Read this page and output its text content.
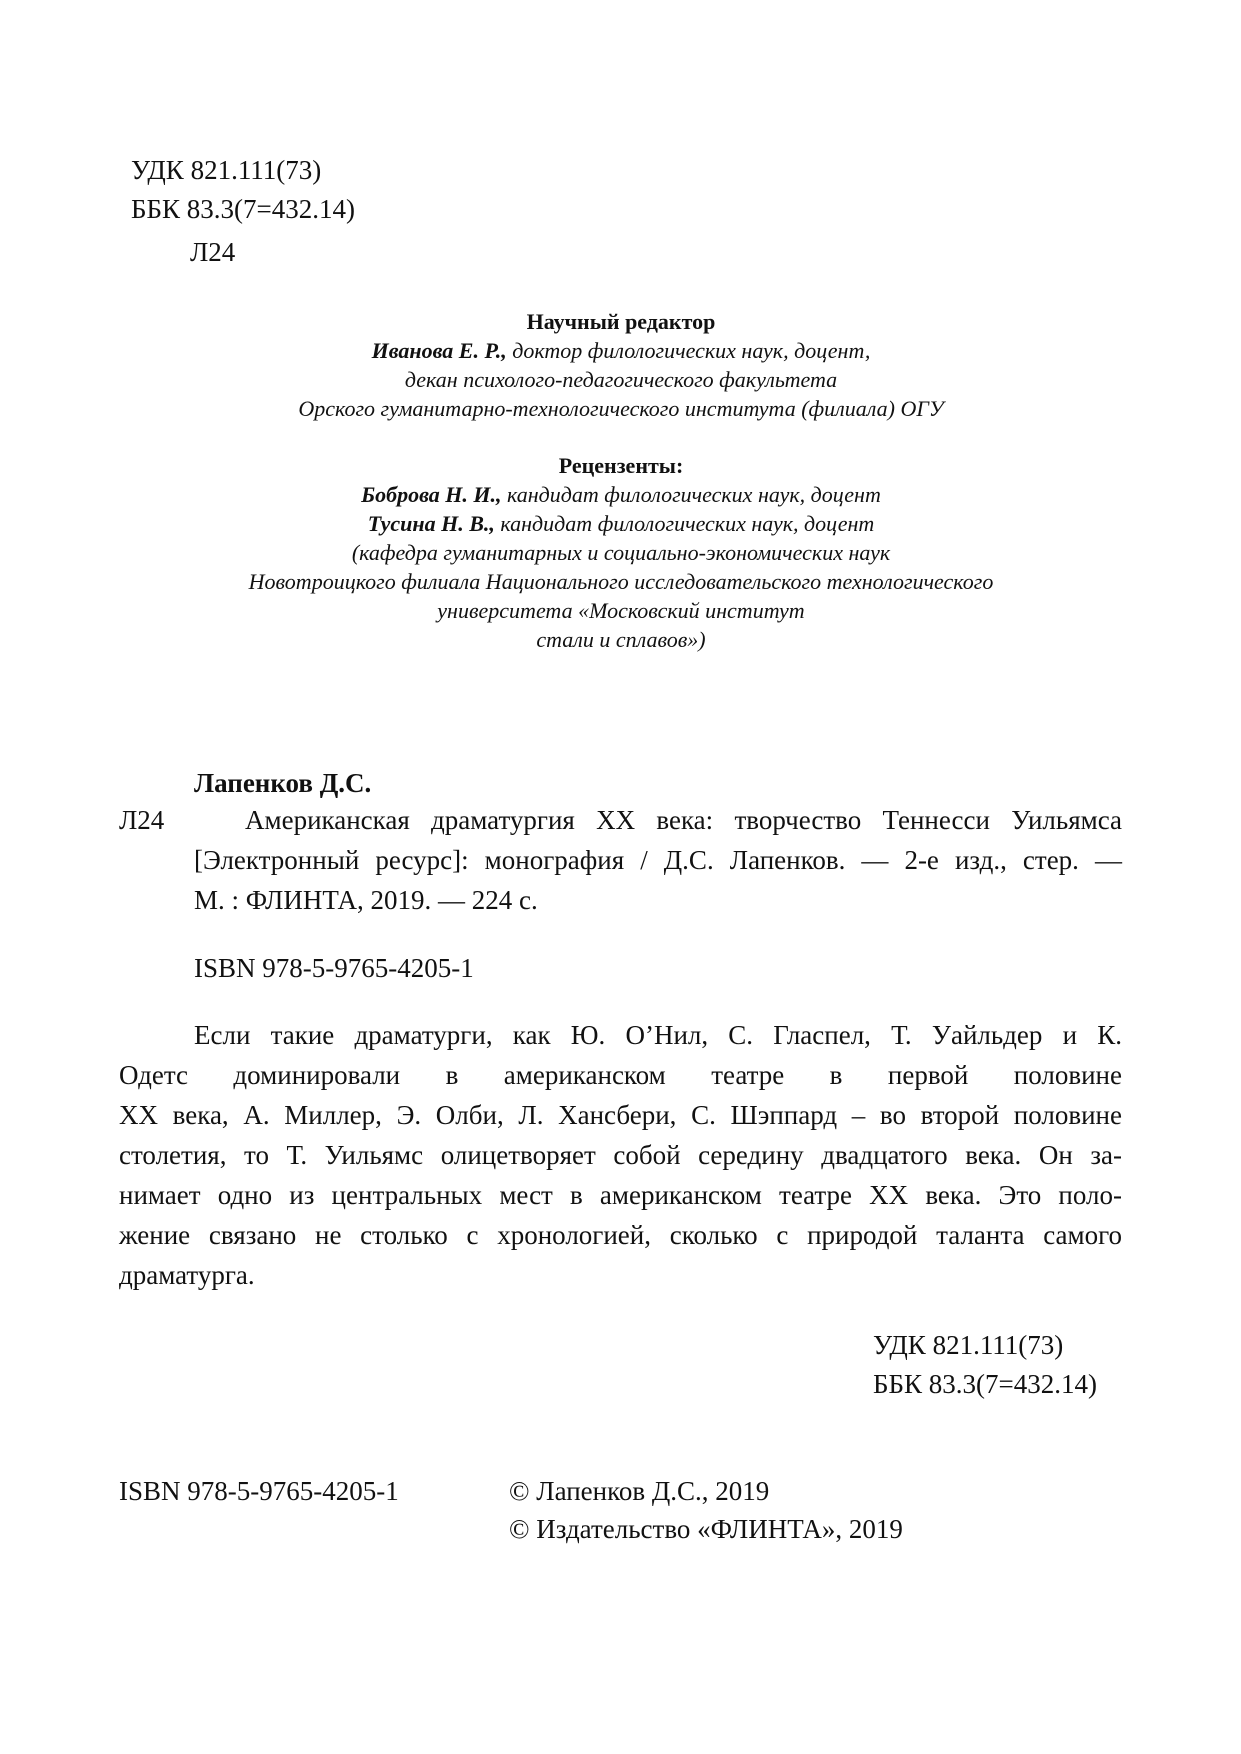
УДК 821.111(73)
ББК 83.3(7=432.14)
Л24
Научный редактор
Иванова Е. Р., доктор филологических наук, доцент,
декан психолого-педагогического факультета
Орского гуманитарно-технологического института (филиала) ОГУ
Рецензенты:
Боброва Н. И., кандидат филологических наук, доцент
Тусина Н. В., кандидат филологических наук, доцент
(кафедра гуманитарных и социально-экономических наук
Новотроицкого филиала Национального исследовательского технологического
университета «Московский институт
стали и сплавов»)
Лапенков Д.С.
Л24	Американская драматургия XX века: творчество Теннесси Уильямса
[Электронный ресурс]: монография / Д.С. Лапенков. — 2-е изд., стер. —
М. : ФЛИНТА, 2019. — 224 с.
ISBN 978-5-9765-4205-1
Если такие драматурги, как Ю. О’Нил, С. Гласпел, Т. Уайльдер и К.
Одетс доминировали в американском театре в первой половине
XX века, А. Миллер, Э. Олби, Л. Хансбери, С. Шэппард – во второй половине
столетия, то Т. Уильямс олицетворяет собой середину двадцатого века. Он за-
нимает одно из центральных мест в американском театре XX века. Это поло-
жение связано не столько с хронологией, сколько с природой таланта самого
драматурга.
УДК 821.111(73)
ББК 83.3(7=432.14)
ISBN 978-5-9765-4205-1	© Лапенков Д.С., 2019
© Издательство «ФЛИНТА», 2019
